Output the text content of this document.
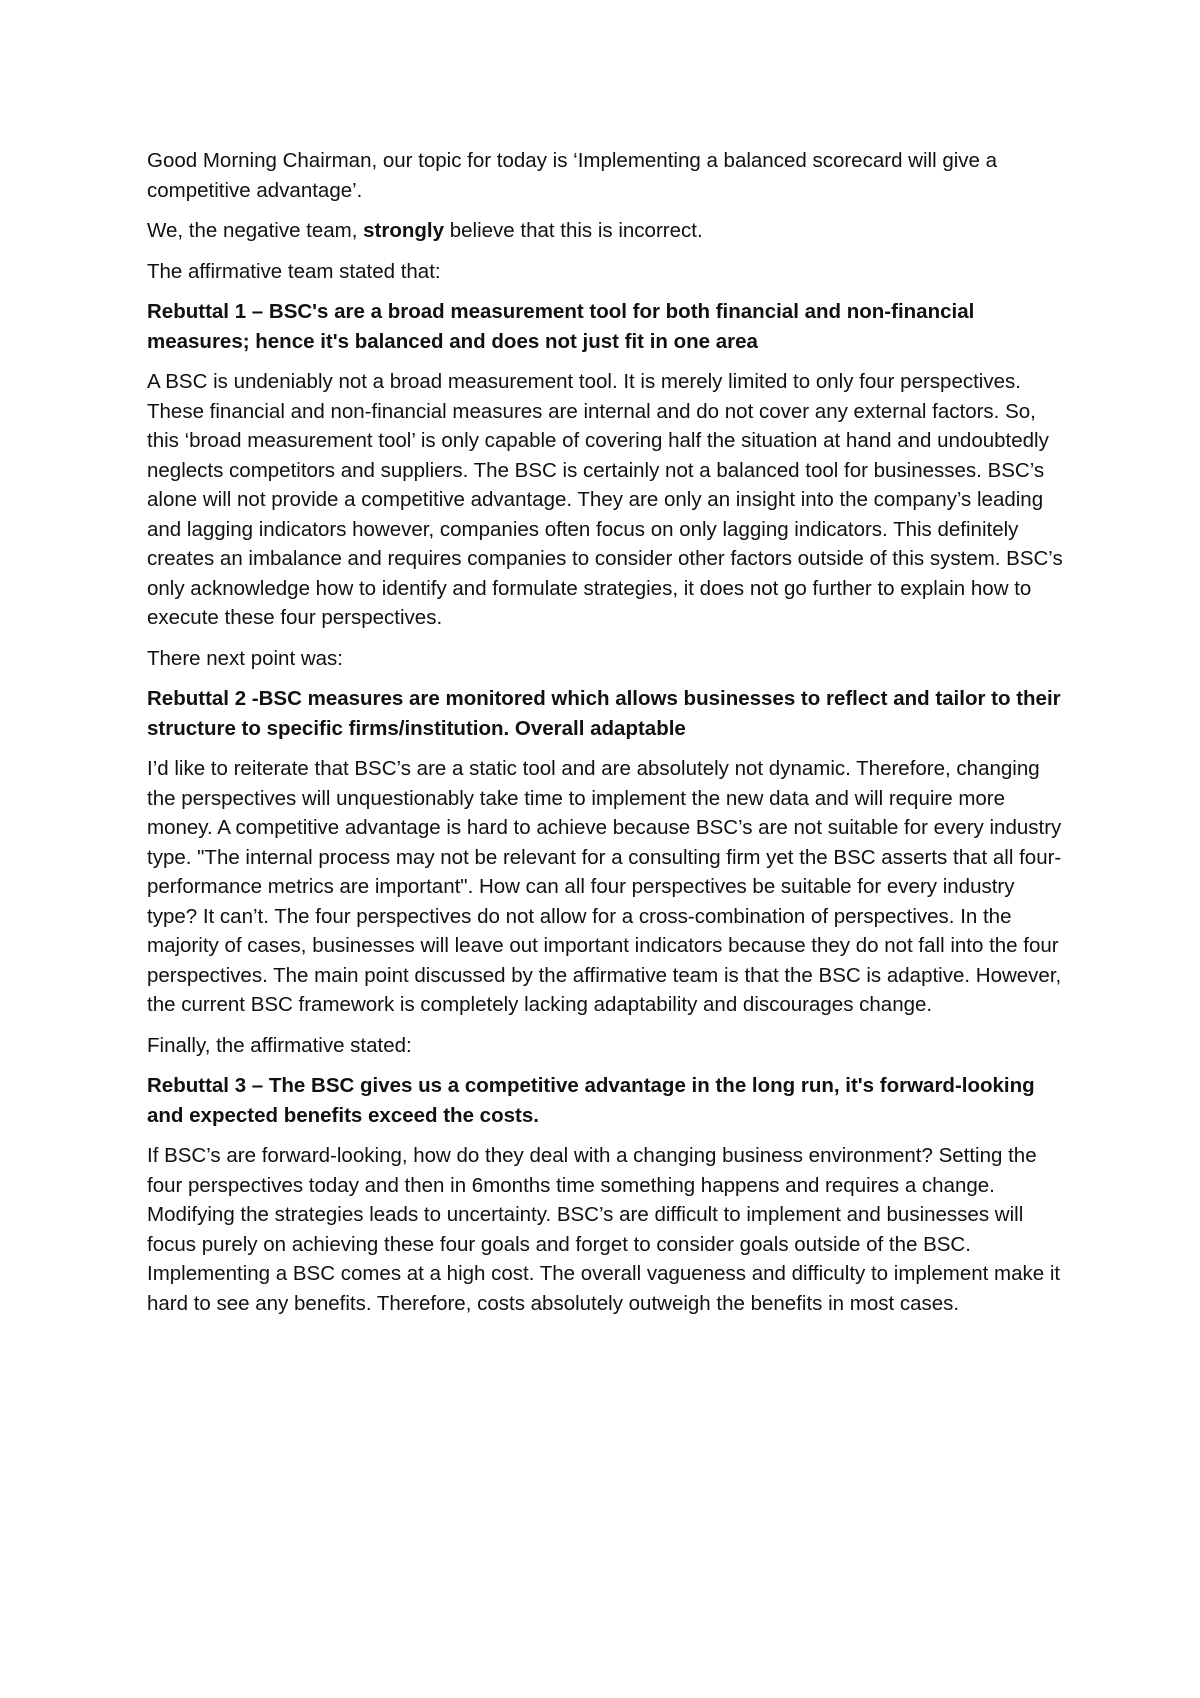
Good Morning Chairman, our topic for today is ‘Implementing a balanced scorecard will give a competitive advantage’.

We, the negative team, strongly believe that this is incorrect.

The affirmative team stated that:

Rebuttal 1 – BSC's are a broad measurement tool for both financial and non-financial measures; hence it's balanced and does not just fit in one area

A BSC is undeniably not a broad measurement tool. It is merely limited to only four perspectives. These financial and non-financial measures are internal and do not cover any external factors. So, this ‘broad measurement tool’ is only capable of covering half the situation at hand and undoubtedly neglects competitors and suppliers. The BSC is certainly not a balanced tool for businesses. BSC’s alone will not provide a competitive advantage. They are only an insight into the company’s leading and lagging indicators however, companies often focus on only lagging indicators. This definitely creates an imbalance and requires companies to consider other factors outside of this system. BSC’s only acknowledge how to identify and formulate strategies, it does not go further to explain how to execute these four perspectives.

There next point was:

Rebuttal 2 -BSC measures are monitored which allows businesses to reflect and tailor to their structure to specific firms/institution. Overall adaptable

I’d like to reiterate that BSC’s are a static tool and are absolutely not dynamic. Therefore, changing the perspectives will unquestionably take time to implement the new data and will require more money. A competitive advantage is hard to achieve because BSC’s are not suitable for every industry type. "The internal process may not be relevant for a consulting firm yet the BSC asserts that all four-performance metrics are important". How can all four perspectives be suitable for every industry type? It can’t. The four perspectives do not allow for a cross-combination of perspectives. In the majority of cases, businesses will leave out important indicators because they do not fall into the four perspectives. The main point discussed by the affirmative team is that the BSC is adaptive. However, the current BSC framework is completely lacking adaptability and discourages change.

Finally, the affirmative stated:

Rebuttal 3 – The BSC gives us a competitive advantage in the long run, it's forward-looking and expected benefits exceed the costs.

If BSC’s are forward-looking, how do they deal with a changing business environment? Setting the four perspectives today and then in 6months time something happens and requires a change. Modifying the strategies leads to uncertainty. BSC’s are difficult to implement and businesses will focus purely on achieving these four goals and forget to consider goals outside of the BSC. Implementing a BSC comes at a high cost. The overall vagueness and difficulty to implement make it hard to see any benefits. Therefore, costs absolutely outweigh the benefits in most cases.
